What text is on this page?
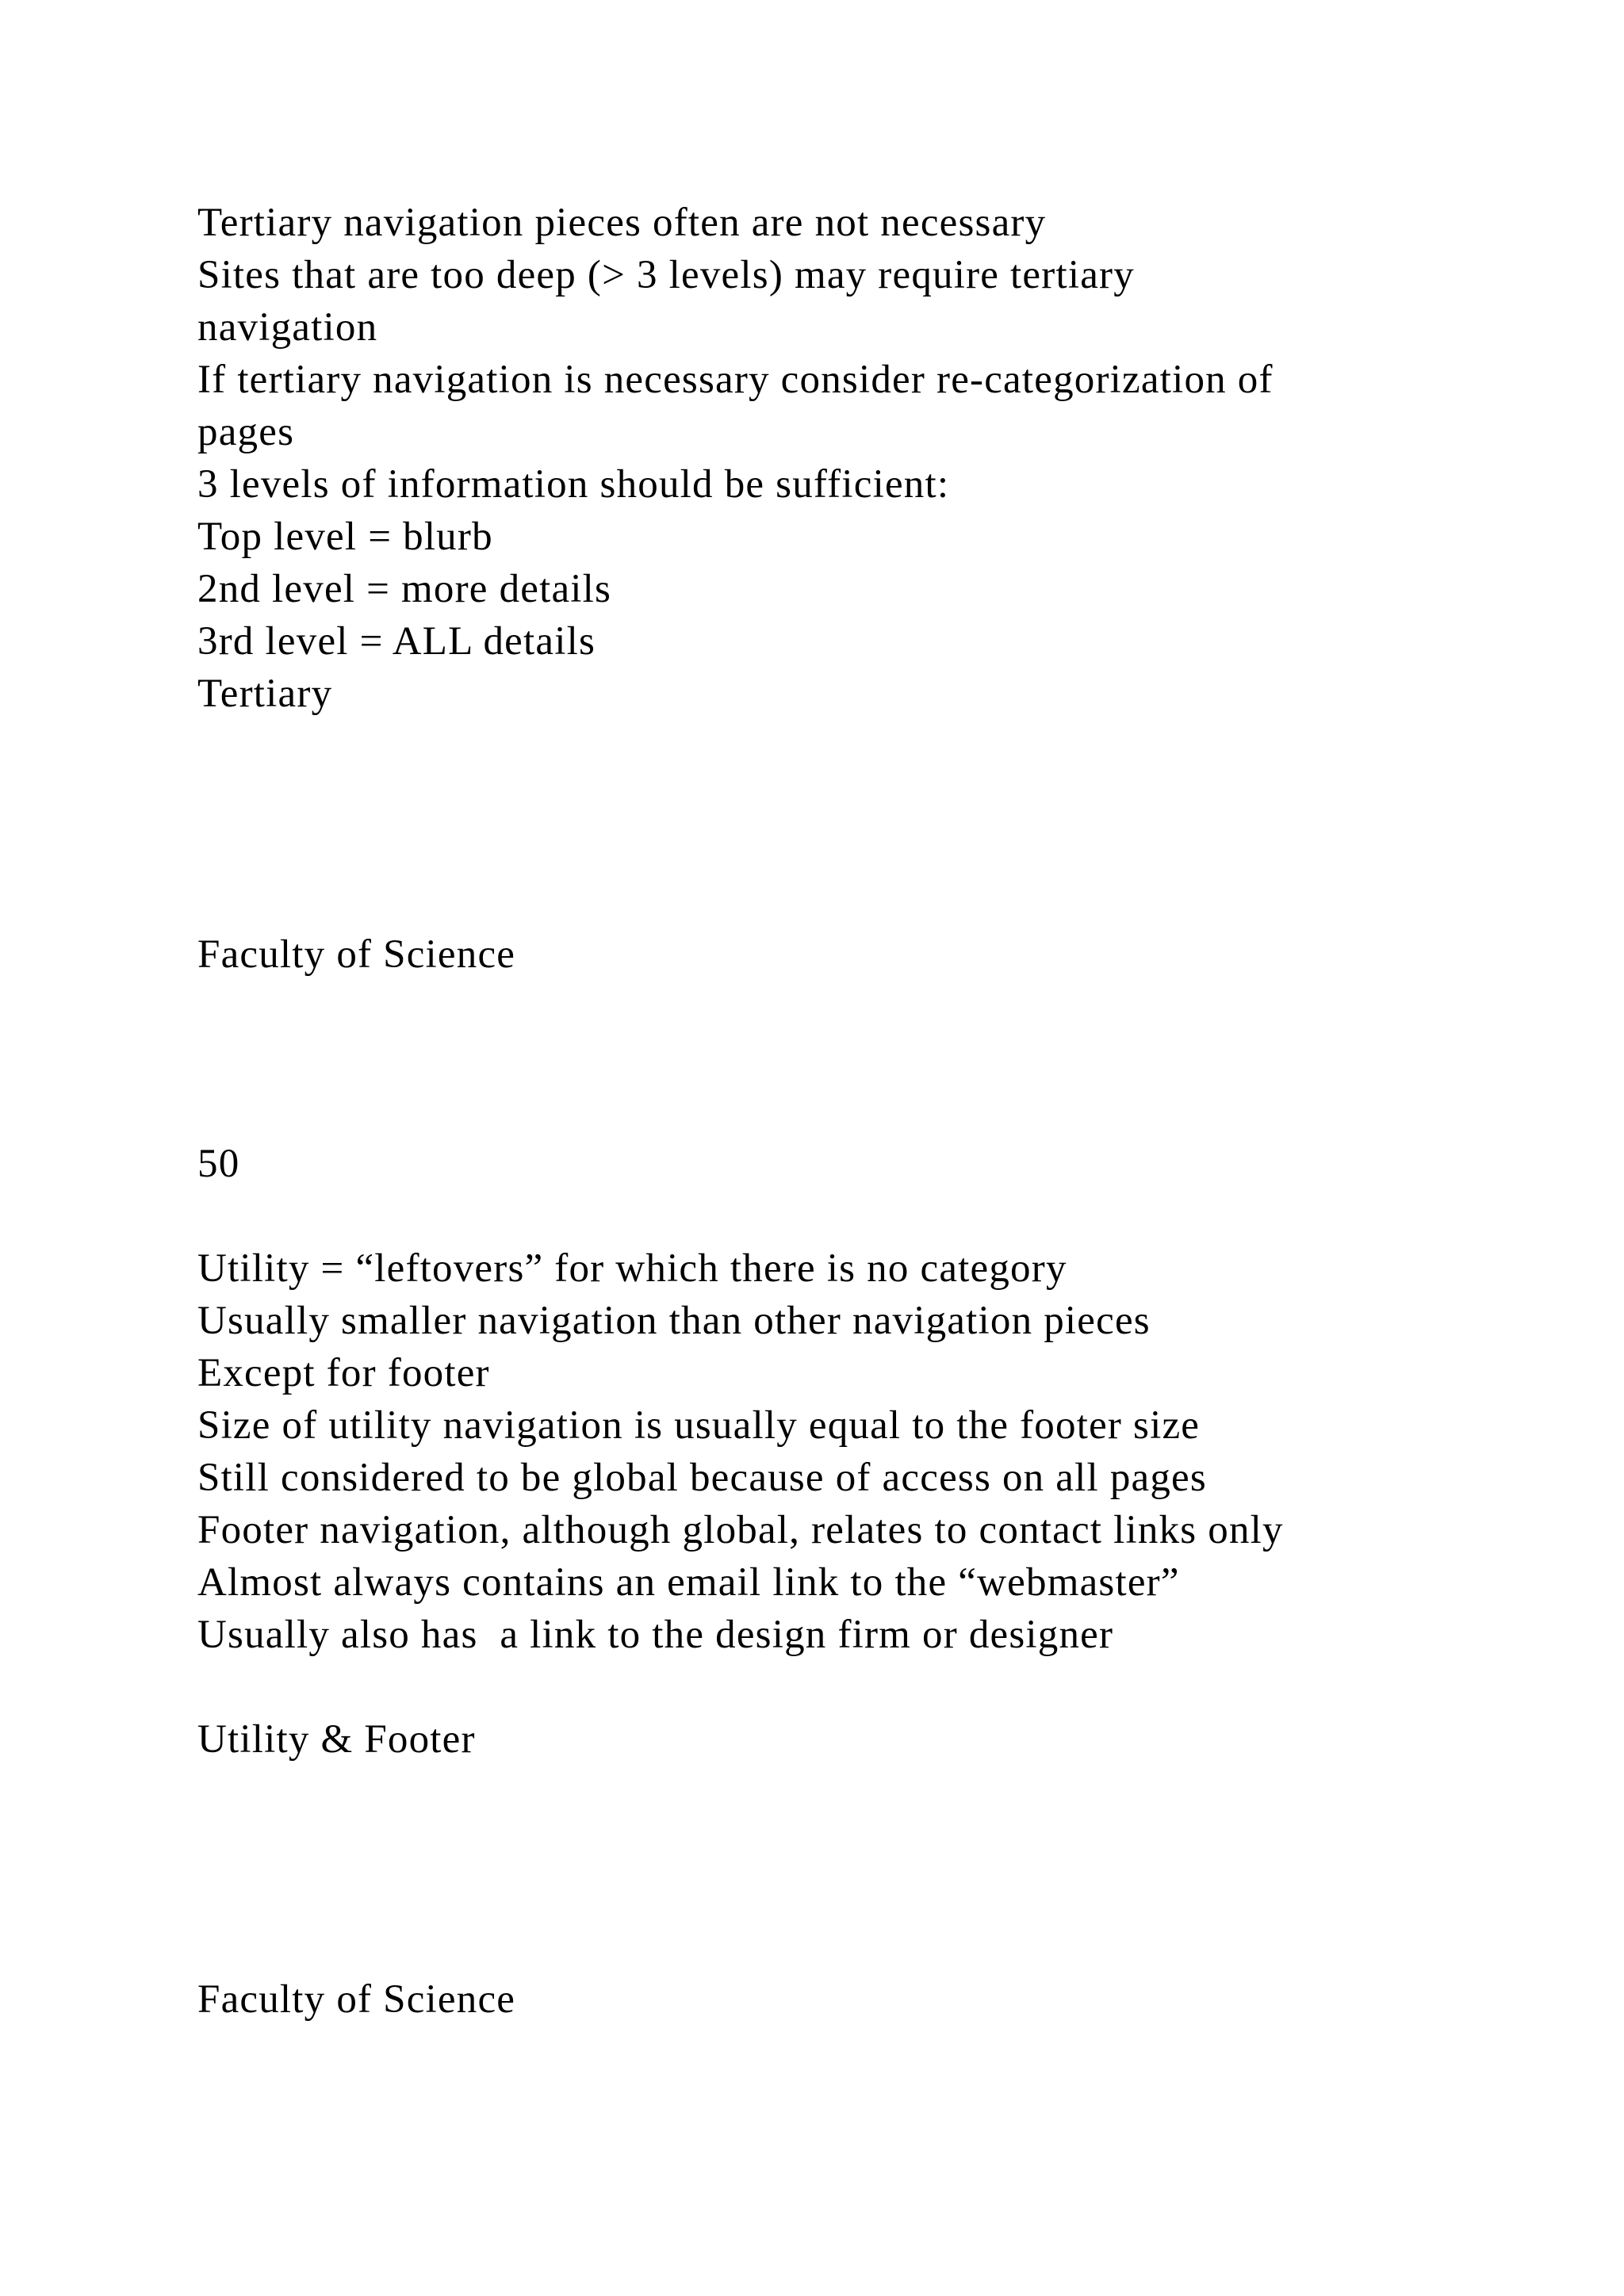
Tertiary navigation pieces often are not necessary
Sites that are too deep (> 3 levels) may require tertiary
navigation
If tertiary navigation is necessary consider re-categorization of
pages
3 levels of information should be sufficient:
Top level = blurb
2nd level = more details
3rd level = ALL details
Tertiary
Faculty of Science
50
Utility = “leftovers” for which there is no category
Usually smaller navigation than other navigation pieces
Except for footer
Size of utility navigation is usually equal to the footer size
Still considered to be global because of access on all pages
Footer navigation, although global, relates to contact links only
Almost always contains an email link to the “webmaster”
Usually also has  a link to the design firm or designer
Utility & Footer
Faculty of Science
